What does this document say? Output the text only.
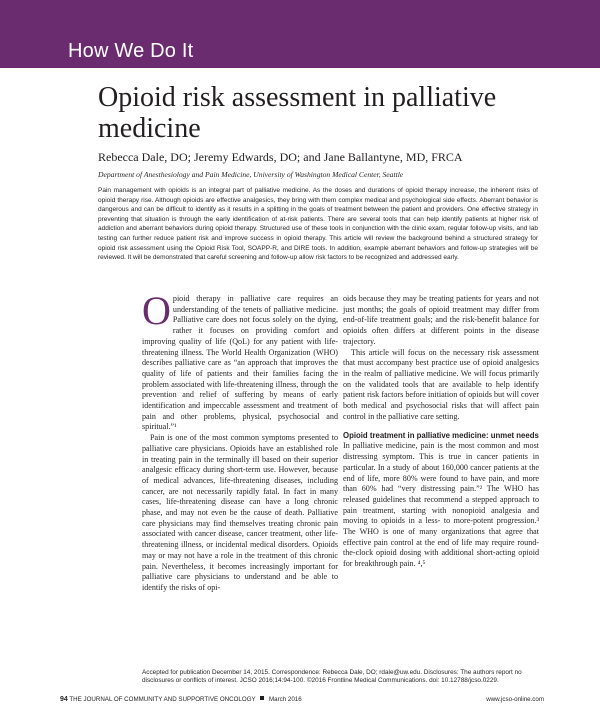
How We Do It
Opioid risk assessment in palliative medicine
Rebecca Dale, DO; Jeremy Edwards, DO; and Jane Ballantyne, MD, FRCA
Department of Anesthesiology and Pain Medicine, University of Washington Medical Center, Seattle
Pain management with opioids is an integral part of palliative medicine. As the doses and durations of opioid therapy increase, the inherent risks of opioid therapy rise. Although opioids are effective analgesics, they bring with them complex medical and psychological side effects. Aberrant behavior is dangerous and can be difficult to identify as it results in a splitting in the goals of treatment between the patient and providers. One effective strategy in preventing that situation is through the early identification of at-risk patients. There are several tools that can help identify patients at higher risk of addiction and aberrant behaviors during opioid therapy. Structured use of these tools in conjunction with the clinic exam, regular follow-up visits, and lab testing can further reduce patient risk and improve success in opioid therapy. This article will review the background behind a structured strategy for opioid risk assessment using the Opioid Risk Tool, SOAPP-R, and DIRE tools. In addition, example aberrant behaviors and follow-up strategies will be reviewed. It will be demonstrated that careful screening and follow-up allow risk factors to be recognized and addressed early.

Opioid therapy in palliative care requires an understanding of the tenets of palliative medicine. Palliative care does not focus solely on the dying, rather it focuses on providing comfort and improving quality of life (QoL) for any patient with life-threatening illness. The World Health Organization (WHO) describes palliative care as “an approach that improves the quality of life of patients and their families facing the problem associated with life-threatening illness, through the prevention and relief of suffering by means of early identification and impeccable assessment and treatment of pain and other problems, physical, psychosocial and spiritual.”¹

Pain is one of the most common symptoms presented to palliative care physicians. Opioids have an established role in treating pain in the terminally ill based on their superior analgesic efficacy during short-term use. However, because of medical advances, life-threatening diseases, including cancer, are not necessarily rapidly fatal. In fact in many cases, life-threatening disease can have a long chronic phase, and may not even be the cause of death. Palliative care physicians may find themselves treating chronic pain associated with cancer disease, cancer treatment, other life-threatening illness, or incidental medical disorders. Opioids may or may not have a role in the treatment of this chronic pain. Nevertheless, it becomes increasingly important for palliative care physicians to understand and be able to identify the risks of opi-

oids because they may be treating patients for years and not just months; the goals of opioid treatment may differ from end-of-life treatment goals; and the risk-benefit balance for opioids often differs at different points in the disease trajectory.

This article will focus on the necessary risk assessment that must accompany best practice use of opioid analgesics in the realm of palliative medicine. We will focus primarily on the validated tools that are available to help identify patient risk factors before initiation of opioids but will cover both medical and psychosocial risks that will affect pain control in the palliative care setting.

Opioid treatment in palliative medicine: unmet needs

In palliative medicine, pain is the most common and most distressing symptom. This is true in cancer patients in particular. In a study of about 160,000 cancer patients at the end of life, more 80% were found to have pain, and more than 60% had “very distressing pain.”² The WHO has released guidelines that recommend a stepped approach to pain treatment, starting with nonopioid analgesia and moving to opioids in a less- to more-potent progression.³ The WHO is one of many organizations that agree that effective pain control at the end of life may require round-the-clock opioid dosing with additional short-acting opioid for breakthrough pain. ⁴,⁵

Accepted for publication December 14, 2015. Correspondence: Rebecca Dale, DO; rdale@uw.edu. Disclosures: The authors report no disclosures or conflicts of interest. JCSO 2016;14:94-100. ©2016 Frontline Medical Communications. doi: 10.12788/jcso.0229.
94 THE JOURNAL OF COMMUNITY AND SUPPORTIVE ONCOLOGY March 2016	www.jcso-online.com
